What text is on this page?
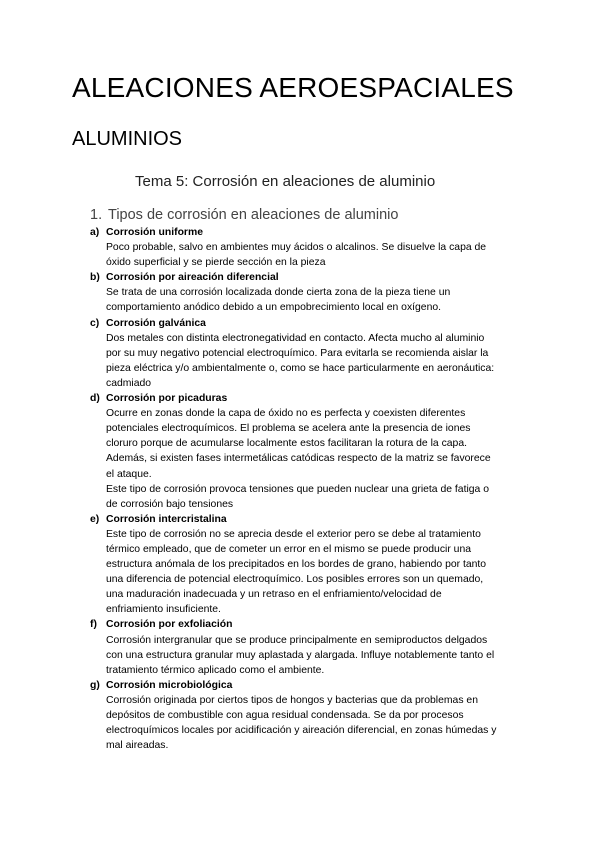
ALEACIONES AEROESPACIALES
ALUMINIOS
Tema 5: Corrosión en aleaciones de aluminio
1. Tipos de corrosión en aleaciones de aluminio
a) Corrosión uniforme
Poco probable, salvo en ambientes muy ácidos o alcalinos. Se disuelve la capa de
óxido superficial y se pierde sección en la pieza
b) Corrosión por aireación diferencial
Se trata de una corrosión localizada donde cierta zona de la pieza tiene un
comportamiento anódico debido a un empobrecimiento local en oxígeno.
c) Corrosión galvánica
Dos metales con distinta electronegatividad en contacto. Afecta mucho al aluminio
por su muy negativo potencial electroquímico. Para evitarla se recomienda aislar la
pieza eléctrica y/o ambientalmente o, como se hace particularmente en aeronáutica:
cadmiado
d) Corrosión por picaduras
Ocurre en zonas donde la capa de óxido no es perfecta y coexisten diferentes
potenciales electroquímicos. El problema se acelera ante la presencia de iones
cloruro porque de acumularse localmente estos facilitaran la rotura de la capa.
Además, si existen fases intermetálicas catódicas respecto de la matriz se favorece
el ataque.
Este tipo de corrosión provoca tensiones que pueden nuclear una grieta de fatiga o
de corrosión bajo tensiones
e) Corrosión intercristalina
Este tipo de corrosión no se aprecia desde el exterior pero se debe al tratamiento
térmico empleado, que de cometer un error en el mismo se puede producir una
estructura anómala de los precipitados en los bordes de grano, habiendo por tanto
una diferencia de potencial electroquímico. Los posibles errores son un quemado,
una maduración inadecuada y un retraso en el enfriamiento/velocidad de
enfriamiento insuficiente.
f) Corrosión por exfoliación
Corrosión intergranular que se produce principalmente en semiproductos delgados
con una estructura granular muy aplastada y alargada. Influye notablemente tanto el
tratamiento térmico aplicado como el ambiente.
g) Corrosión microbiológica
Corrosión originada por ciertos tipos de hongos y bacterias que da problemas en
depósitos de combustible con agua residual condensada. Se da por procesos
electroquímicos locales por acidificación y aireación diferencial, en zonas húmedas y
mal aireadas.
